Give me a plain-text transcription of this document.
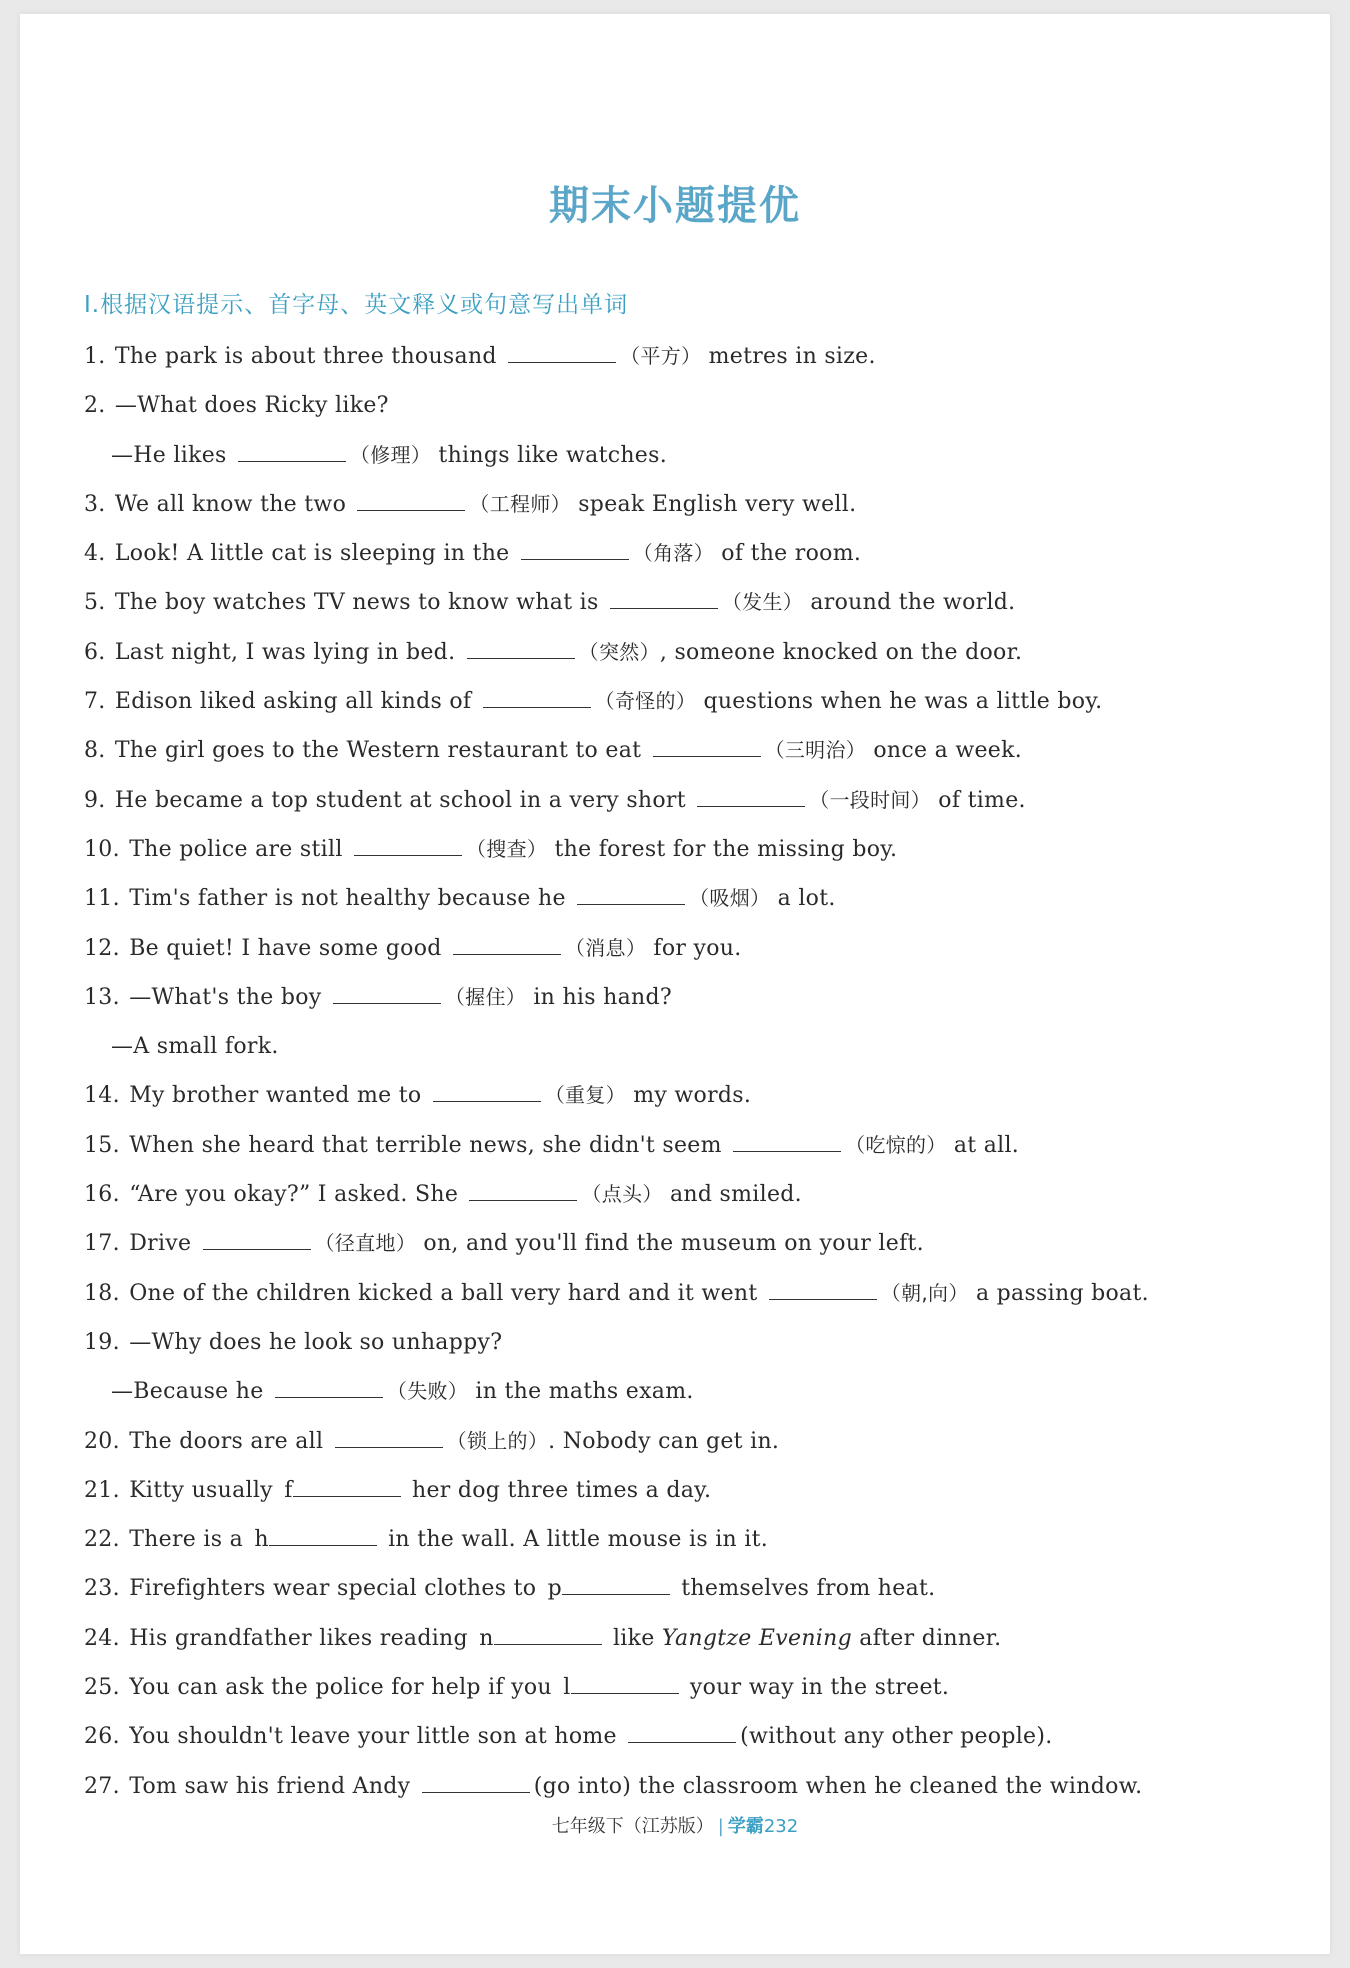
期末小题提优
Ⅰ.根据汉语提示、首字母、英文释义或句意写出单词
1. The park is about three thousand	（平方） metres in size.
2. —What does Ricky like?
—He likes	（修理） things like watches.
3. We all know the two	（工程师） speak English very well.
4. Look! A little cat is sleeping in the	（角落） of the room.
5. The boy watches TV news to know what is	（发生） around the world.
6. Last night, I was lying in bed.	（突然）, someone knocked on the door.
7. Edison liked asking all kinds of	（奇怪的） questions when he was a little boy.
8. The girl goes to the Western restaurant to eat	（三明治） once a week.
9. He became a top student at school in a very short	（一段时间） of time.
10. The police are still	（搜查） the forest for the missing boy.
11. Tim's father is not healthy because he	（吸烟） a lot.
12. Be quiet! I have some good	（消息） for you.
13. —What's the boy	（握住） in his hand?
—A small fork.
14. My brother wanted me to	（重复） my words.
15. When she heard that terrible news, she didn't seem	（吃惊的） at all.
16. “Are you okay?” I asked. She	（点头） and smiled.
17. Drive	（径直地） on, and you'll find the museum on your left.
18. One of the children kicked a ball very hard and it went	（朝,向） a passing boat.
19. —Why does he look so unhappy?
—Because he	（失败） in the maths exam.
20. The doors are all	（锁上的）. Nobody can get in.
21. Kitty usually f	her dog three times a day.
22. There is a h	in the wall. A little mouse is in it.
23. Firefighters wear special clothes to p	themselves from heat.
24. His grandfather likes reading n	like Yangtze Evening after dinner.
25. You can ask the police for help if you l	your way in the street.
26. You shouldn't leave your little son at home	(without any other people).
27. Tom saw his friend Andy	(go into) the classroom when he cleaned the window.
七年级下（江苏版） | 学霸232
